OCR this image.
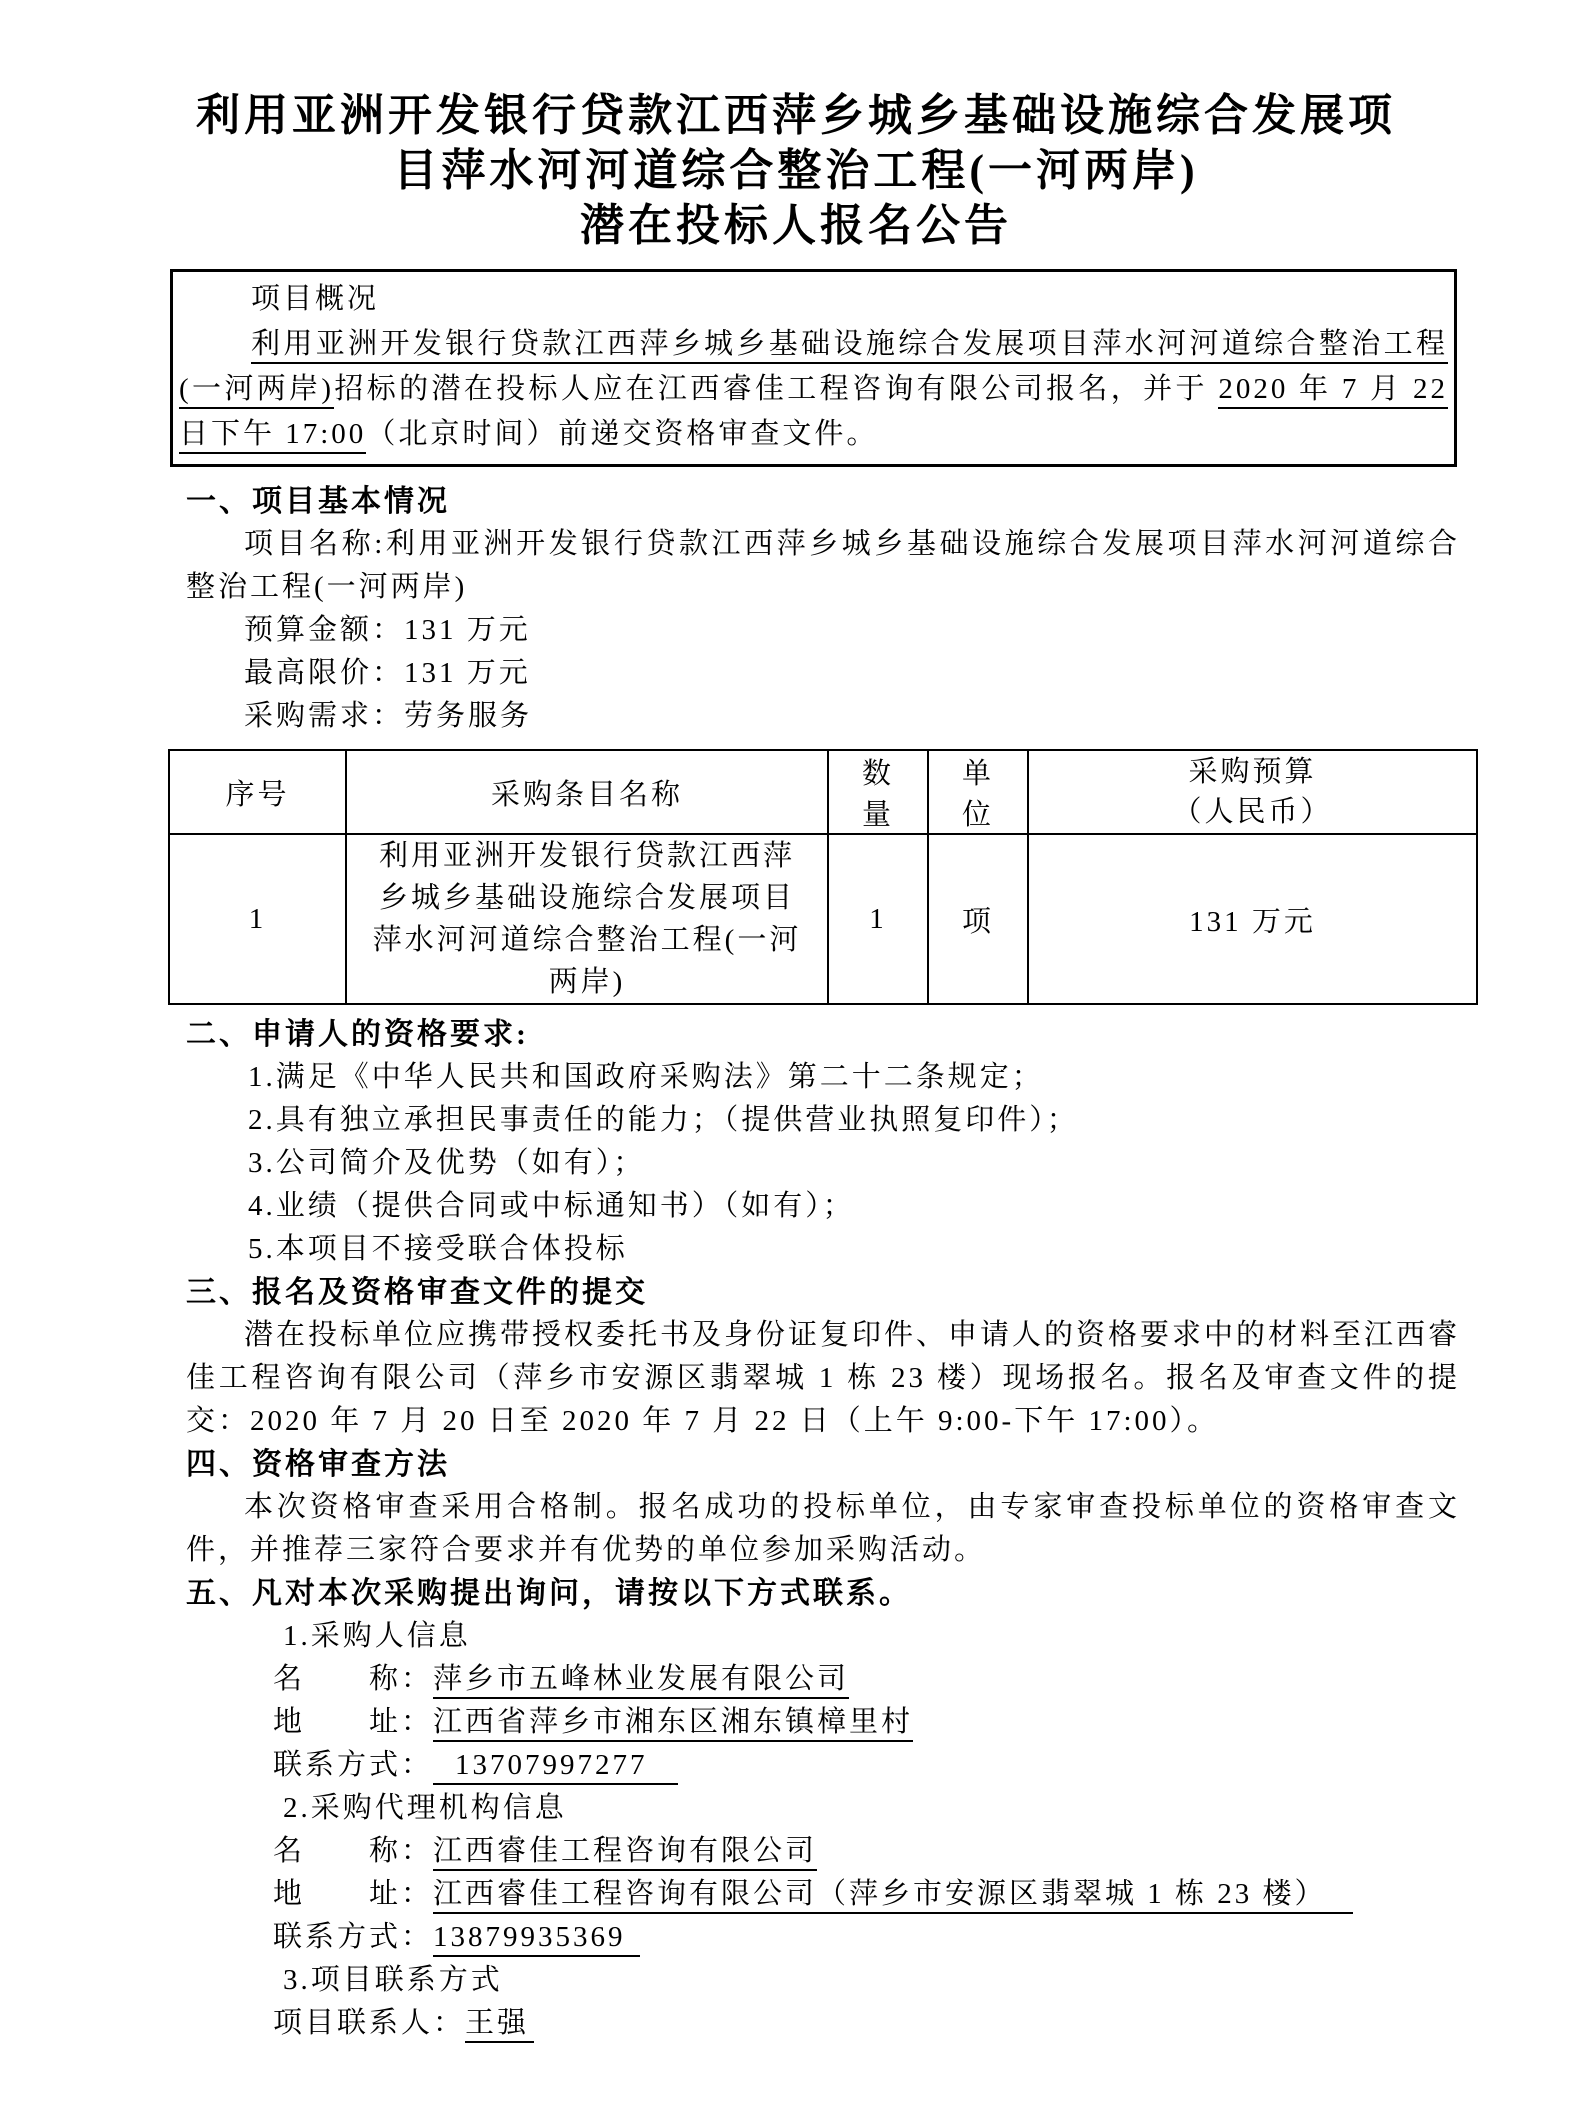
利用亚洲开发银行贷款江西萍乡城乡基础设施综合发展项
目萍水河河道综合整治工程(一河两岸)
潜在投标人报名公告

项目概况

利用亚洲开发银行贷款江西萍乡城乡基础设施综合发展项目萍水河河道综合整治工程(一河两岸)招标的潜在投标人应在江西睿佳工程咨询有限公司报名，并于 2020 年 7 月 22 日下午 17:00（北京时间）前递交资格审查文件。

一、项目基本情况

项目名称:利用亚洲开发银行贷款江西萍乡城乡基础设施综合发展项目萍水河河道综合整治工程(一河两岸)

预算金额：131 万元

最高限价：131 万元

采购需求：劳务服务

序号	采购条目名称	数量	单位	采购预算
（人民币）

1	利用亚洲开发银行贷款江西萍乡城乡基础设施综合发展项目萍水河河道综合整治工程(一河两岸)	1	项	131 万元

二、申请人的资格要求:

1.满足《中华人民共和国政府采购法》第二十二条规定；

2.具有独立承担民事责任的能力；（提供营业执照复印件）；

3.公司简介及优势（如有）；

4.业绩（提供合同或中标通知书）（如有）；

5.本项目不接受联合体投标

三、报名及资格审查文件的提交

潜在投标单位应携带授权委托书及身份证复印件、申请人的资格要求中的材料至江西睿佳工程咨询有限公司（萍乡市安源区翡翠城 1 栋 23 楼）现场报名。报名及审查文件的提交：2020 年 7 月 20 日至 2020 年 7 月 22 日（上午 9:00-下午 17:00）。

四、资格审查方法

本次资格审查采用合格制。报名成功的投标单位，由专家审查投标单位的资格审查文件，并推荐三家符合要求并有优势的单位参加采购活动。

五、凡对本次采购提出询问，请按以下方式联系。

1.采购人信息

名　　称：萍乡市五峰林业发展有限公司

地　　址：江西省萍乡市湘东区湘东镇樟里村

联系方式： 13707997277

2.采购代理机构信息

名　　称：江西睿佳工程咨询有限公司

地　　址：江西睿佳工程咨询有限公司（萍乡市安源区翡翠城 1 栋 23 楼）

联系方式：13879935369

3.项目联系方式

项目联系人：王强
